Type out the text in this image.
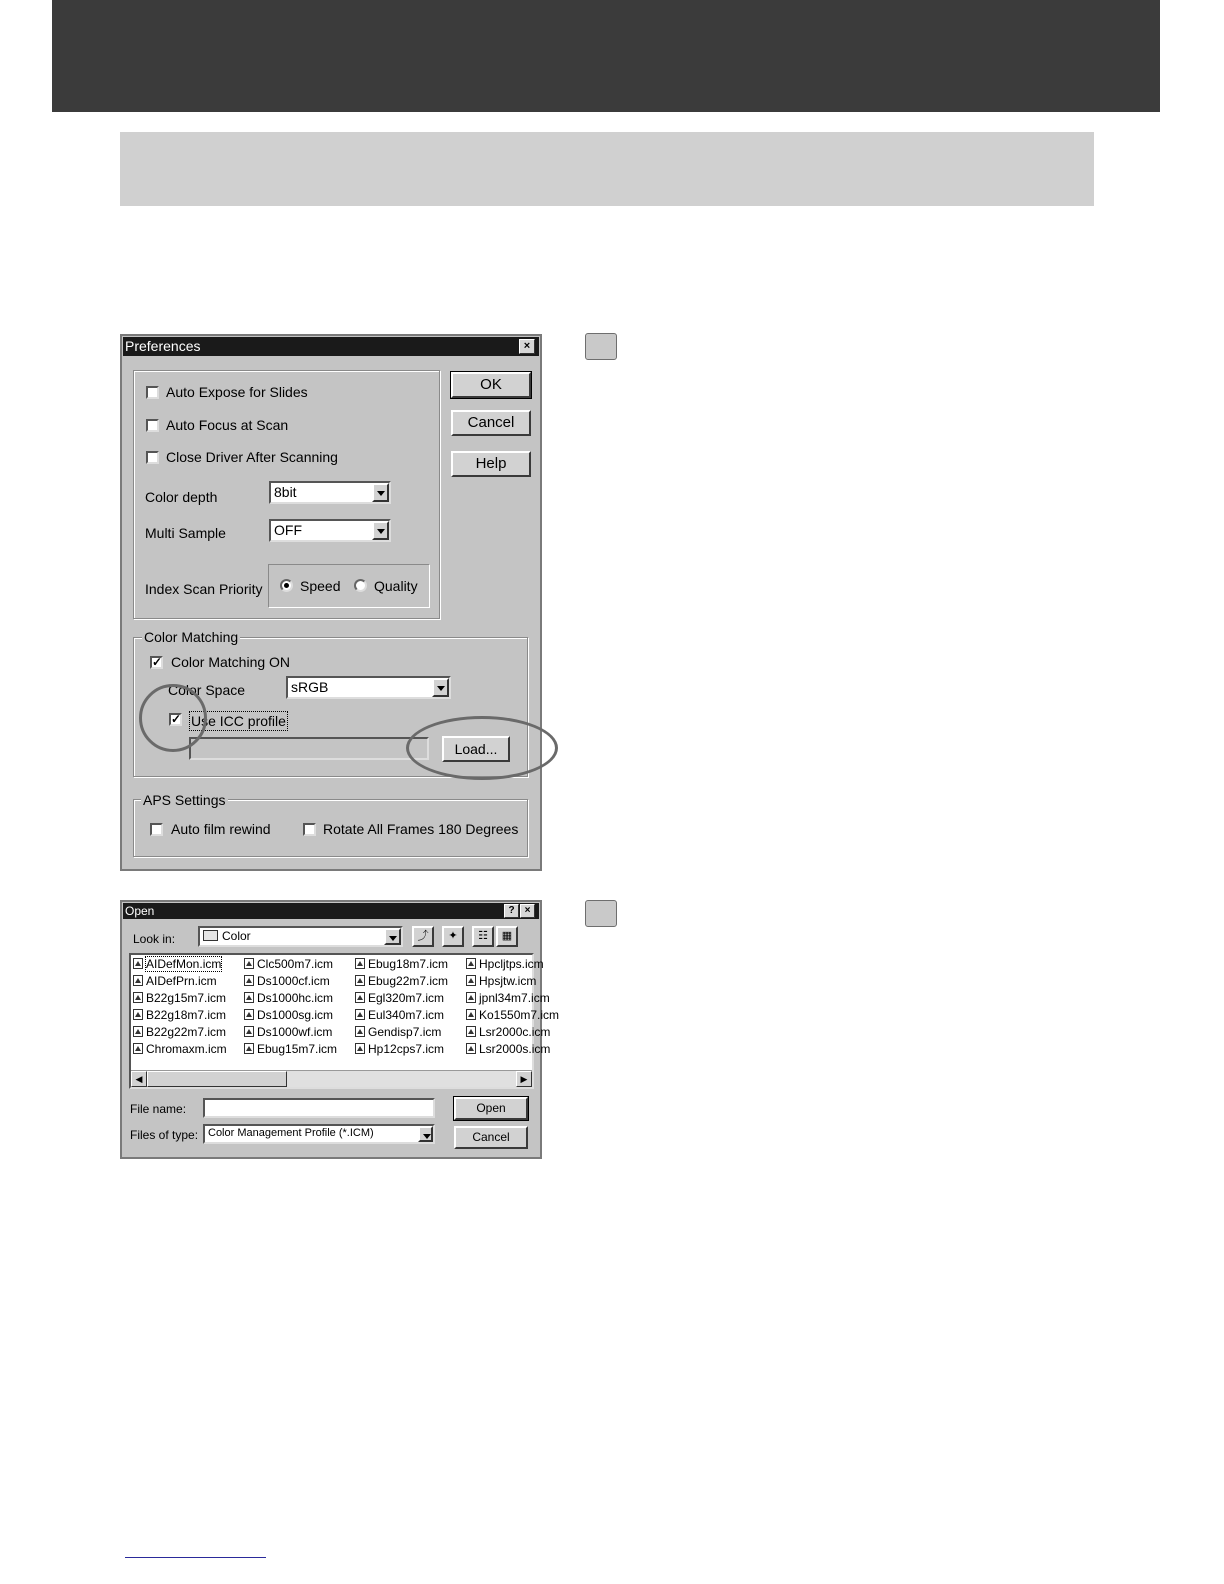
Preferences	×
Auto Expose for Slides
Auto Focus at Scan
Close Driver After Scanning
Color depth	8bit
Multi Sample	OFF
Index Scan Priority	Speed Quality
OK
Cancel
Help
Color Matching
✓ Color Matching ON
Color Space	sRGB
✓ Use ICC profile
Load...
APS Settings
Auto film rewind	Rotate All Frames 180 Degrees
Open	?	×
Look in:	Color	⤴	✦	☷	▦
AIDefMon.icm
AIDefPrn.icm
B22g15m7.icm
B22g18m7.icm
B22g22m7.icm
Chromaxm.icm
Clc500m7.icm
Ds1000cf.icm
Ds1000hc.icm
Ds1000sg.icm
Ds1000wf.icm
Ebug15m7.icm
Ebug18m7.icm
Ebug22m7.icm
Egl320m7.icm
Eul340m7.icm
Gendisp7.icm
Hp12cps7.icm
Hpcljtps.icm
Hpsjtw.icm
jpnl34m7.icm
Ko1550m7.icm
Lsr2000c.icm
Lsr2000s.icm
◀	▶
File name:	Open
Files of type: Color Management Profile (*.ICM)	Cancel
